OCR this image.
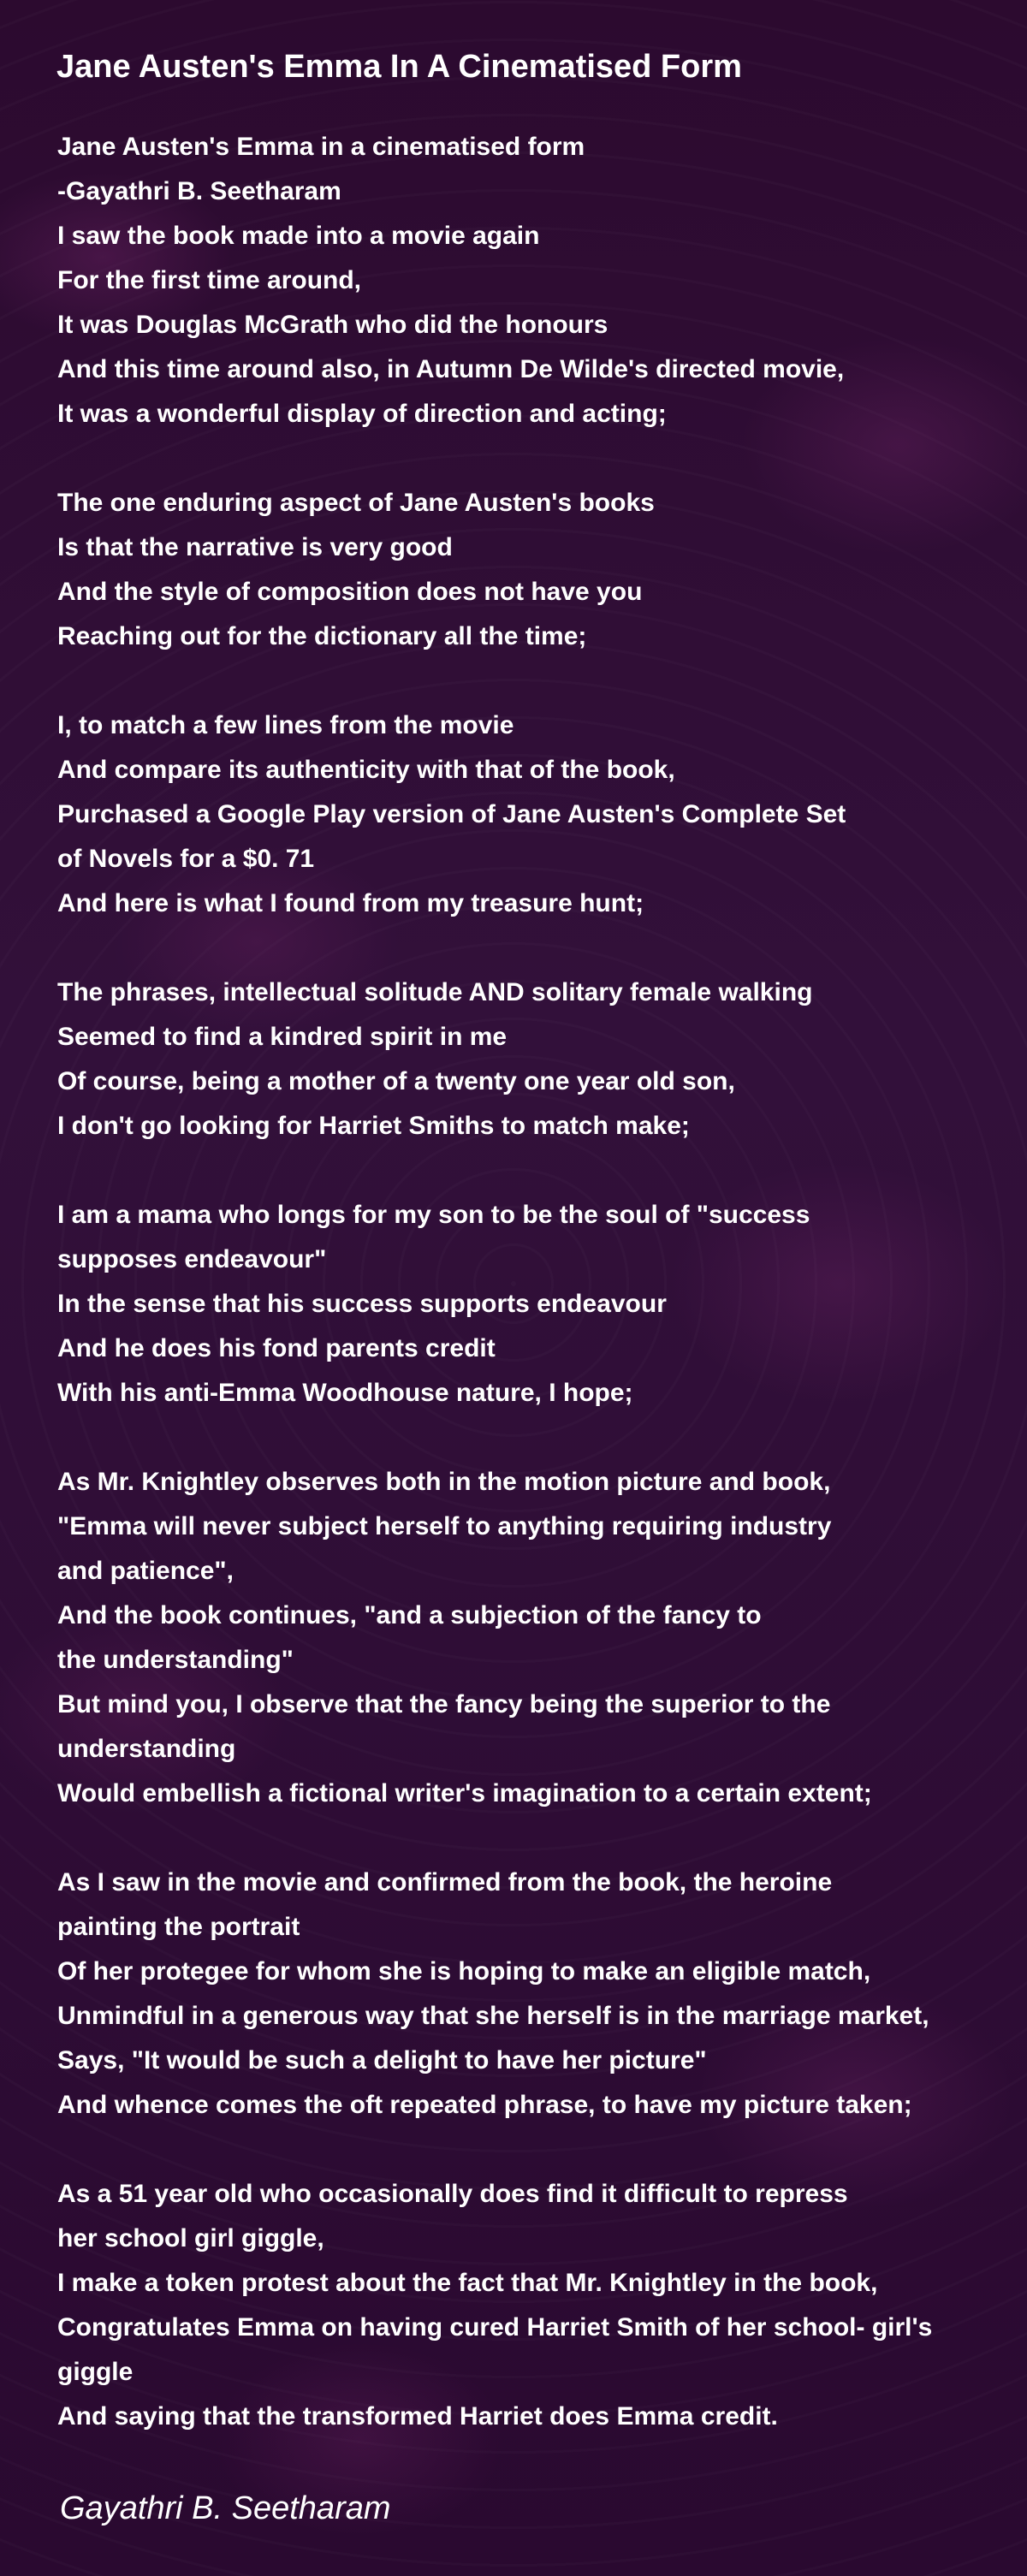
Jane Austen's Emma In A Cinematised Form
Jane Austen's Emma in a cinematised form
-Gayathri B. Seetharam
I saw the book made into a movie again
For the first time around,
It was Douglas McGrath who did the honours
And this time around also, in Autumn De Wilde's directed movie,
It was a wonderful display of direction and acting;
The one enduring aspect of Jane Austen's books
Is that the narrative is very good
And the style of composition does not have you
Reaching out for the dictionary all the time;
I, to match a few lines from the movie
And compare its authenticity with that of the book,
Purchased a Google Play version of Jane Austen's Complete Set
of Novels for a $0. 71
And here is what I found from my treasure hunt;
The phrases, intellectual solitude AND solitary female walking
Seemed to find a kindred spirit in me
Of course, being a mother of a twenty one year old son,
I don't go looking for Harriet Smiths to match make;
I am a mama who longs for my son to be the soul of "success
supposes endeavour"
In the sense that his success supports endeavour
And he does his fond parents credit
With his anti-Emma Woodhouse nature, I hope;
As Mr. Knightley observes both in the motion picture and book,
"Emma will never subject herself to anything requiring industry
and patience",
And the book continues, "and a subjection of the fancy to
the understanding"
But mind you, I observe that the fancy being the superior to the
understanding
Would embellish a fictional writer's imagination to a certain extent;
As I saw in the movie and confirmed from the book, the heroine
painting the portrait
Of her protegee for whom she is hoping to make an eligible match,
Unmindful in a generous way that she herself is in the marriage market,
Says, "It would be such a delight to have her picture"
And whence comes the oft repeated phrase, to have my picture taken;
As a 51 year old who occasionally does find it difficult to repress
her school girl giggle,
I make a token protest about the fact that Mr. Knightley in the book,
Congratulates Emma on having cured Harriet Smith of her school- girl's
giggle
And saying that the transformed Harriet does Emma credit.
Gayathri B. Seetharam
